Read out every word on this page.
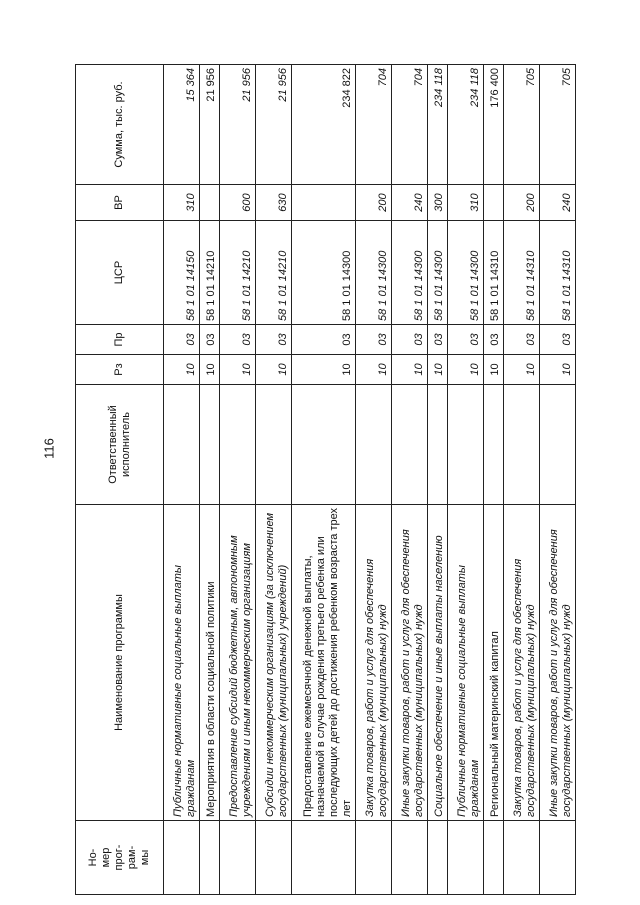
116
Но-
мер
прог-
рам-
мы	Наименование программы	Ответственный исполнитель	Рз	Пр	ЦСР	ВР	Сумма, тыс. руб.
	Публичные нормативные социальные выплаты гражданам		10	03	58 1 01 14150	310	15 364
	Мероприятия в области социальной политики		10	03	58 1 01 14210		21 956
	Предоставление субсидий бюджетным, автономным учреждениям и иным некоммерческим организациям		10	03	58 1 01 14210	600	21 956
	Субсидии некоммерческим организациям (за исключением государственных (муниципальных) учреждений)		10	03	58 1 01 14210	630	21 956
	Предоставление ежемесячной денежной выплаты, назначаемой в случае рождения третьего ребенка или последующих детей до достижения ребенком возраста трех лет		10	03	58 1 01 14300		234 822
	Закупка товаров, работ и услуг для обеспечения государственных (муниципальных) нужд		10	03	58 1 01 14300	200	704
	Иные закупки товаров, работ и услуг для обеспечения государственных (муниципальных) нужд		10	03	58 1 01 14300	240	704
	Социальное обеспечение и иные выплаты населению		10	03	58 1 01 14300	300	234 118
	Публичные нормативные социальные выплаты гражданам		10	03	58 1 01 14300	310	234 118
	Региональный материнский капитал		10	03	58 1 01 14310		176 400
	Закупка товаров, работ и услуг для обеспечения государственных (муниципальных) нужд		10	03	58 1 01 14310	200	705
	Иные закупки товаров, работ и услуг для обеспечения государственных (муниципальных) нужд		10	03	58 1 01 14310	240	705
